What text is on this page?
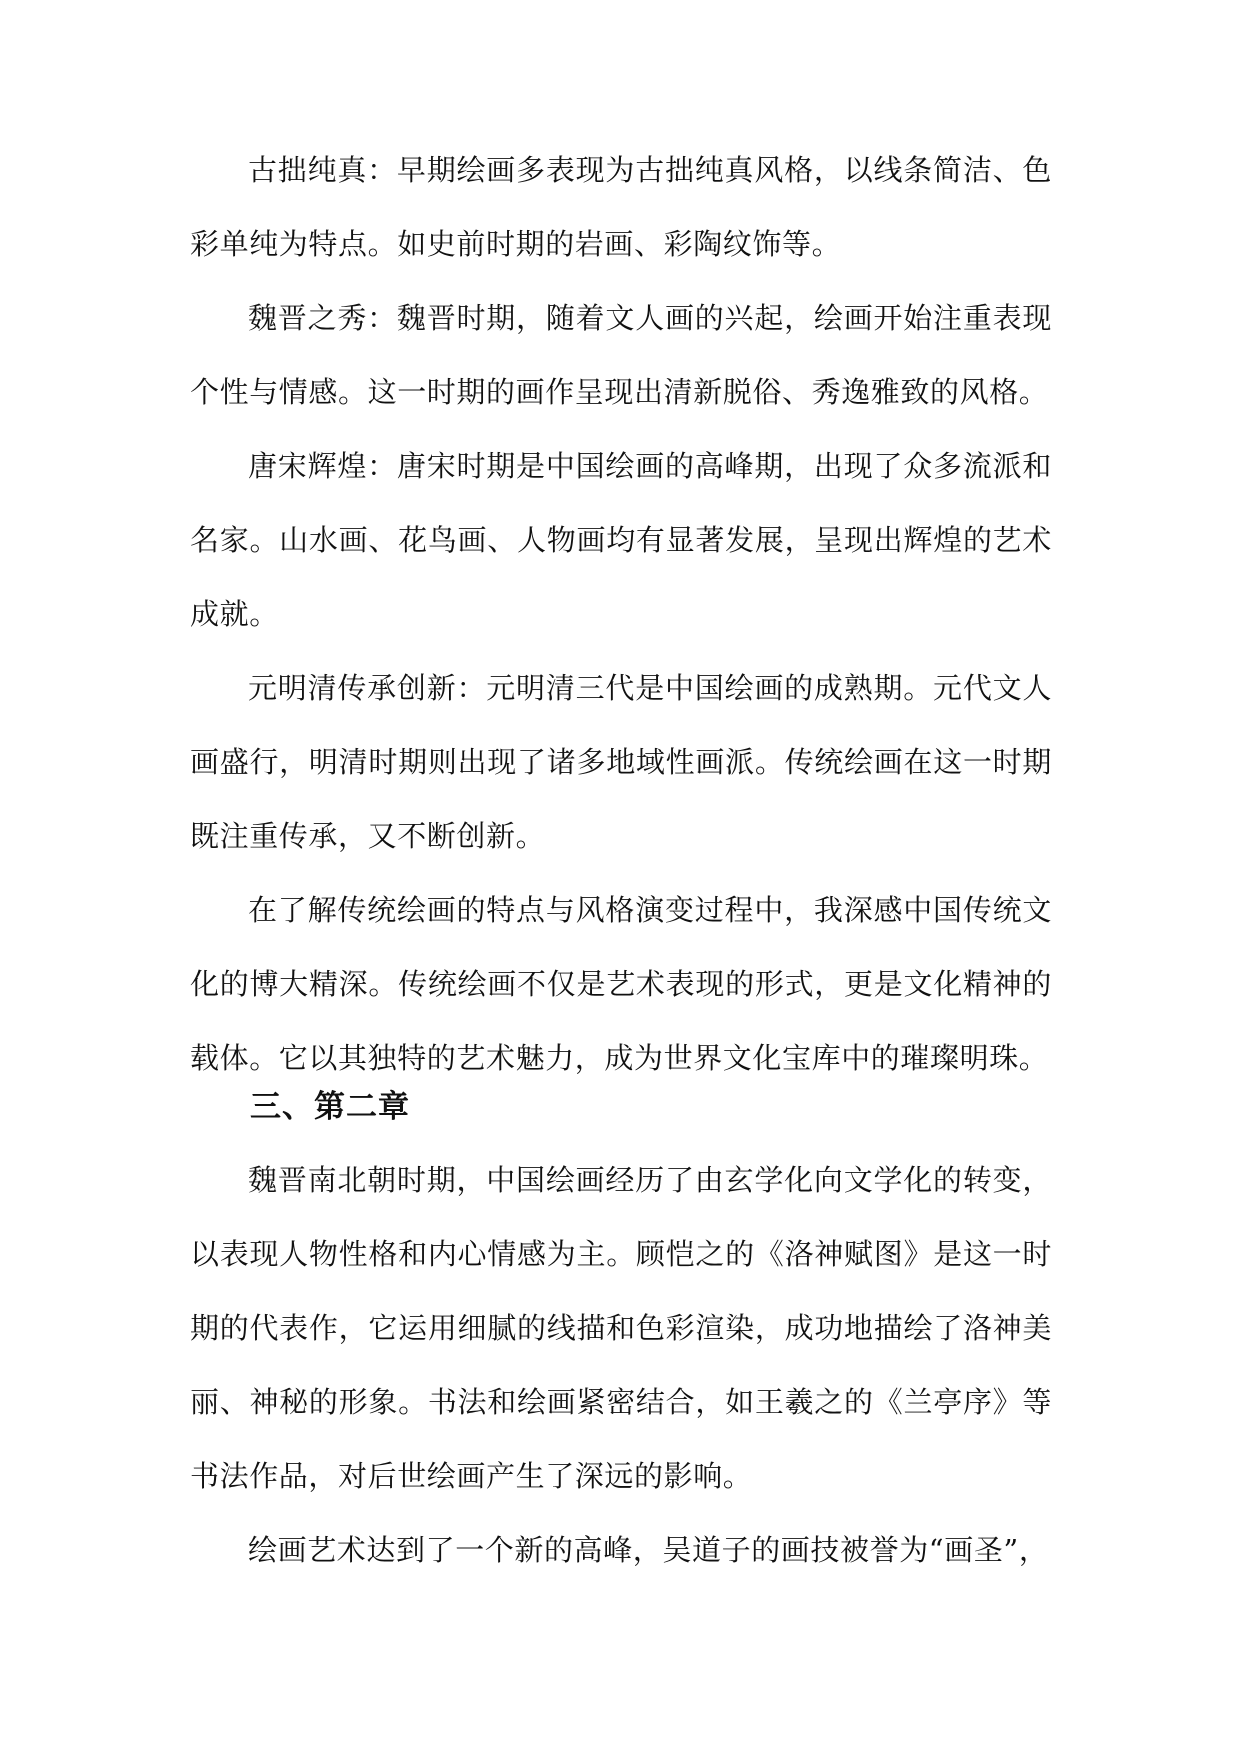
古拙纯真：早期绘画多表现为古拙纯真风格，以线条简洁、色彩单纯为特点。如史前时期的岩画、彩陶纹饰等。

魏晋之秀：魏晋时期，随着文人画的兴起，绘画开始注重表现个性与情感。这一时期的画作呈现出清新脱俗、秀逸雅致的风格。

唐宋辉煌：唐宋时期是中国绘画的高峰期，出现了众多流派和名家。山水画、花鸟画、人物画均有显著发展，呈现出辉煌的艺术成就。

元明清传承创新：元明清三代是中国绘画的成熟期。元代文人画盛行，明清时期则出现了诸多地域性画派。传统绘画在这一时期既注重传承，又不断创新。

在了解传统绘画的特点与风格演变过程中，我深感中国传统文化的博大精深。传统绘画不仅是艺术表现的形式，更是文化精神的载体。它以其独特的艺术魅力，成为世界文化宝库中的璀璨明珠。

三、第二章

魏晋南北朝时期，中国绘画经历了由玄学化向文学化的转变，以表现人物性格和内心情感为主。顾恺之的《洛神赋图》是这一时期的代表作，它运用细腻的线描和色彩渲染，成功地描绘了洛神美丽、神秘的形象。书法和绘画紧密结合，如王羲之的《兰亭序》等书法作品，对后世绘画产生了深远的影响。

绘画艺术达到了一个新的高峰，吴道子的画技被誉为“画圣”，
